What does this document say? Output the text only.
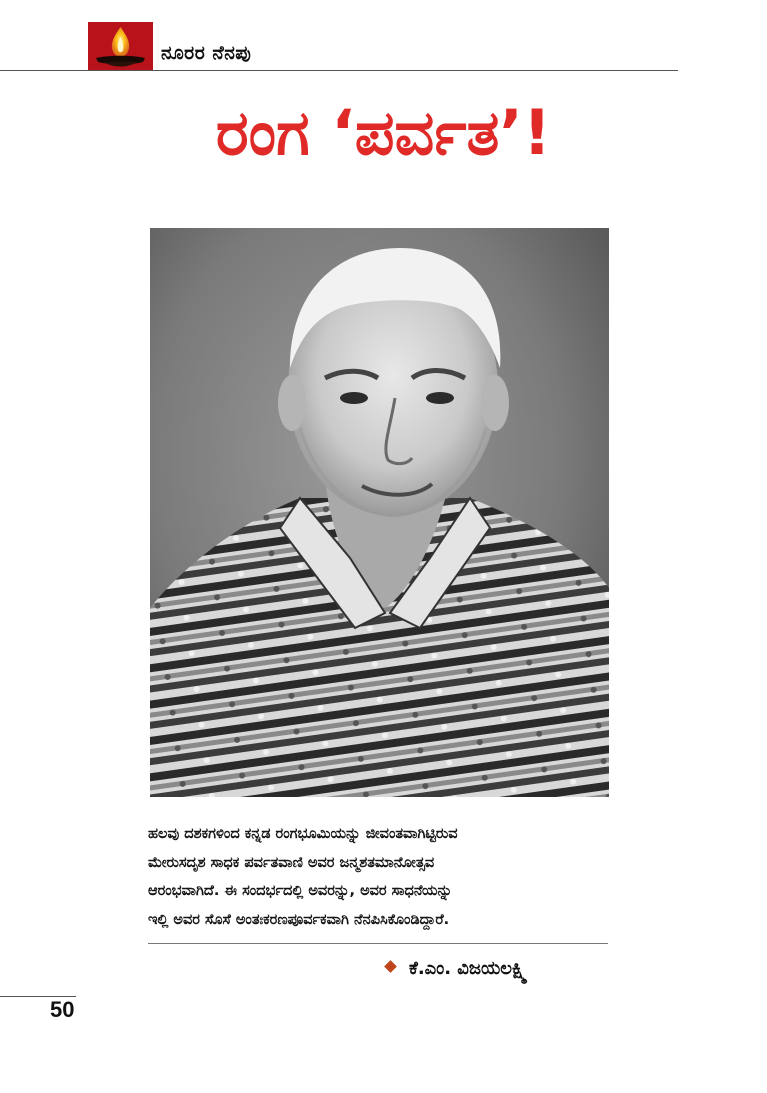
ನೂರರ ನೆನಪು
ರಂಗ ‘ಪರ್ವತ’!
ಹಲವು ದಶಕಗಳಿಂದ ಕನ್ನಡ ರಂಗಭೂಮಿಯನ್ನು ಜೀವಂತವಾಗಿಟ್ಟಿರುವ
ಮೇರುಸದೃಶ ಸಾಧಕ ಪರ್ವತವಾಣಿ ಅವರ ಜನ್ಮಶತಮಾನೋತ್ಸವ
ಆರಂಭವಾಗಿದೆ. ಈ ಸಂದರ್ಭದಲ್ಲಿ ಅವರನ್ನು, ಅವರ ಸಾಧನೆಯನ್ನು
ಇಲ್ಲಿ ಅವರ ಸೊಸೆ ಅಂತಃಕರಣಪೂರ್ವಕವಾಗಿ ನೆನಪಿಸಿಕೊಂಡಿದ್ದಾರೆ.
ಕೆ.ಎಂ. ವಿಜಯಲಕ್ಷ್ಮಿ
50
